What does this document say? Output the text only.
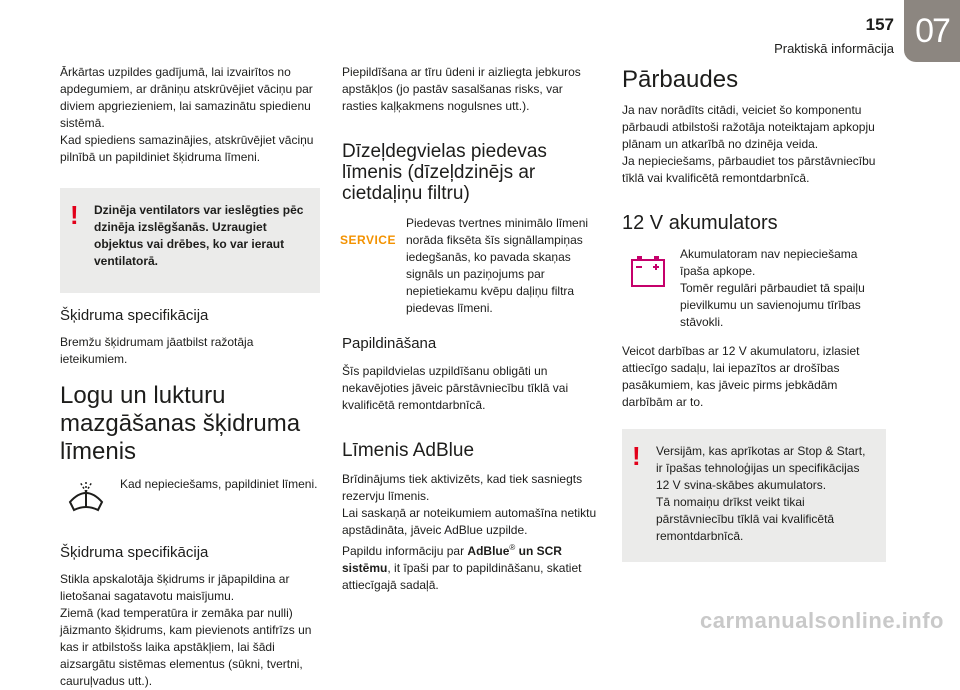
157
Praktiskā informācija 07

Ārkārtas uzpildes gadījumā, lai izvairītos no apdegumiem, ar drāniņu atskrūvējiet vāciņu par diviem apgriezieniem, lai samazinātu spiedienu sistēmā.
Kad spiediens samazinājies, atskrūvējiet vāciņu pilnībā un papildiniet šķidruma līmeni.

! Dzinēja ventilators var ieslēgties pēc dzinēja izslēgšanās. Uzraugiet objektus vai drēbes, ko var ieraut ventilatorā.

Šķidruma specifikācija

Bremžu šķidrumam jāatbilst ražotāja ieteikumiem.

Logu un lukturu mazgāšanas šķidruma līmenis

Kad nepieciešams, papildiniet līmeni.

Šķidruma specifikācija

Stikla apskalotāja šķidrums ir jāpapildina ar lietošanai sagatavotu maisījumu.
Ziemā (kad temperatūra ir zemāka par nulli) jāizmanto šķidrums, kam pievienots antifrīzs un kas ir atbilstošs laika apstākļiem, lai šādi aizsargātu sistēmas elementus (sūkni, tvertni, cauruļvadus utt.).

Piepildīšana ar tīru ūdeni ir aizliegta jebkuros apstākļos (jo pastāv sasalšanas risks, var rasties kaļķakmens nogulsnes utt.).

Dīzeļdegvielas piedevas līmenis (dīzeļdzinējs ar cietdaļiņu filtru)
SERVICE

Piedevas tvertnes minimālo līmeni norāda fiksēta šīs signāllampiņas iedegšanās, ko pavada skaņas signāls un paziņojums par nepietiekamu kvēpu daļiņu filtra piedevas līmeni.

Papildināšana

Šīs papildvielas uzpildīšanu obligāti un nekavējoties jāveic pārstāvniecību tīklā vai kvalificētā remontdarbnīcā.

Līmenis AdBlue

Brīdinājums tiek aktivizēts, kad tiek sasniegts rezervju līmenis.
Lai saskaņā ar noteikumiem automašīna netiktu apstādināta, jāveic AdBlue uzpilde.
Papildu informāciju par AdBlue® un SCR sistēmu, it īpaši par to papildināšanu, skatiet attiecīgajā sadaļā.

Pārbaudes

Ja nav norādīts citādi, veiciet šo komponentu pārbaudi atbilstoši ražotāja noteiktajam apkopju plānam un atkarībā no dzinēja veida.
Ja nepieciešams, pārbaudiet tos pārstāvniecību tīklā vai kvalificētā remontdarbnīcā.

12 V akumulators

Akumulatoram nav nepieciešama īpaša apkope.
Tomēr regulāri pārbaudiet tā spaiļu pievilkumu un savienojumu tīrības stāvokli.

Veicot darbības ar 12 V akumulatoru, izlasiet attiecīgo sadaļu, lai iepazītos ar drošības pasākumiem, kas jāveic pirms jebkādām darbībām ar to.

! Versijām, kas aprīkotas ar Stop & Start, ir īpašas tehnoloģijas un specifikācijas 12 V svina-skābes akumulators.
Tā nomaiņu drīkst veikt tikai pārstāvniecību tīklā vai kvalificētā remontdarbnīcā.

carmanualsonline.info
